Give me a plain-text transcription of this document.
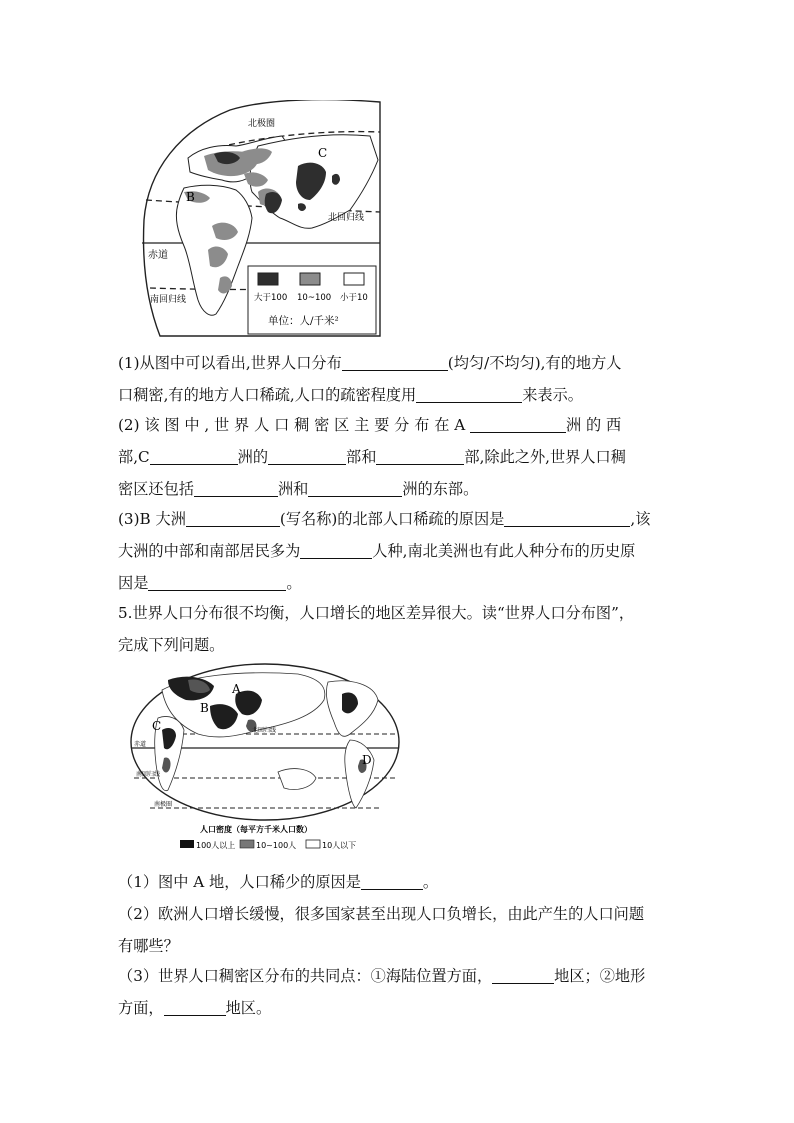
北极圈
C
B
北回归线
赤道
南回归线	大于100 10~100 小于10
单位：人/千米²

(1)从图中可以看出,世界人口分布	(均匀/不均匀),有的地方人
口稠密,有的地方人口稀疏,人口的疏密程度用	来表示。

(2) 该 图 中 , 世 界 人 口 稠 密 区 主 要 分 布 在 A	洲 的 西
部,C	洲的	部和	部,除此之外,世界人口稠
密区还包括	洲和	洲的东部。

(3)B 大洲	(写名称)的北部人口稀疏的原因是	,该
大洲的中部和南部居民多为	人种,南北美洲也有此人种分布的历史原
因是	。

5.世界人口分布很不均衡，人口增长的地区差异很大。读“世界人口分布图”，
完成下列问题。

A
B
C
D
北回归线
赤道
南回归线
南极圈
人口密度（每平方千米人口数）
100人以上	10~100人	10人以下

（1）图中 A 地，人口稀少的原因是	。

（2）欧洲人口增长缓慢，很多国家甚至出现人口负增长，由此产生的人口问题
有哪些？

（3）世界人口稠密区分布的共同点：①海陆位置方面，	地区；②地形
方面，	地区。
